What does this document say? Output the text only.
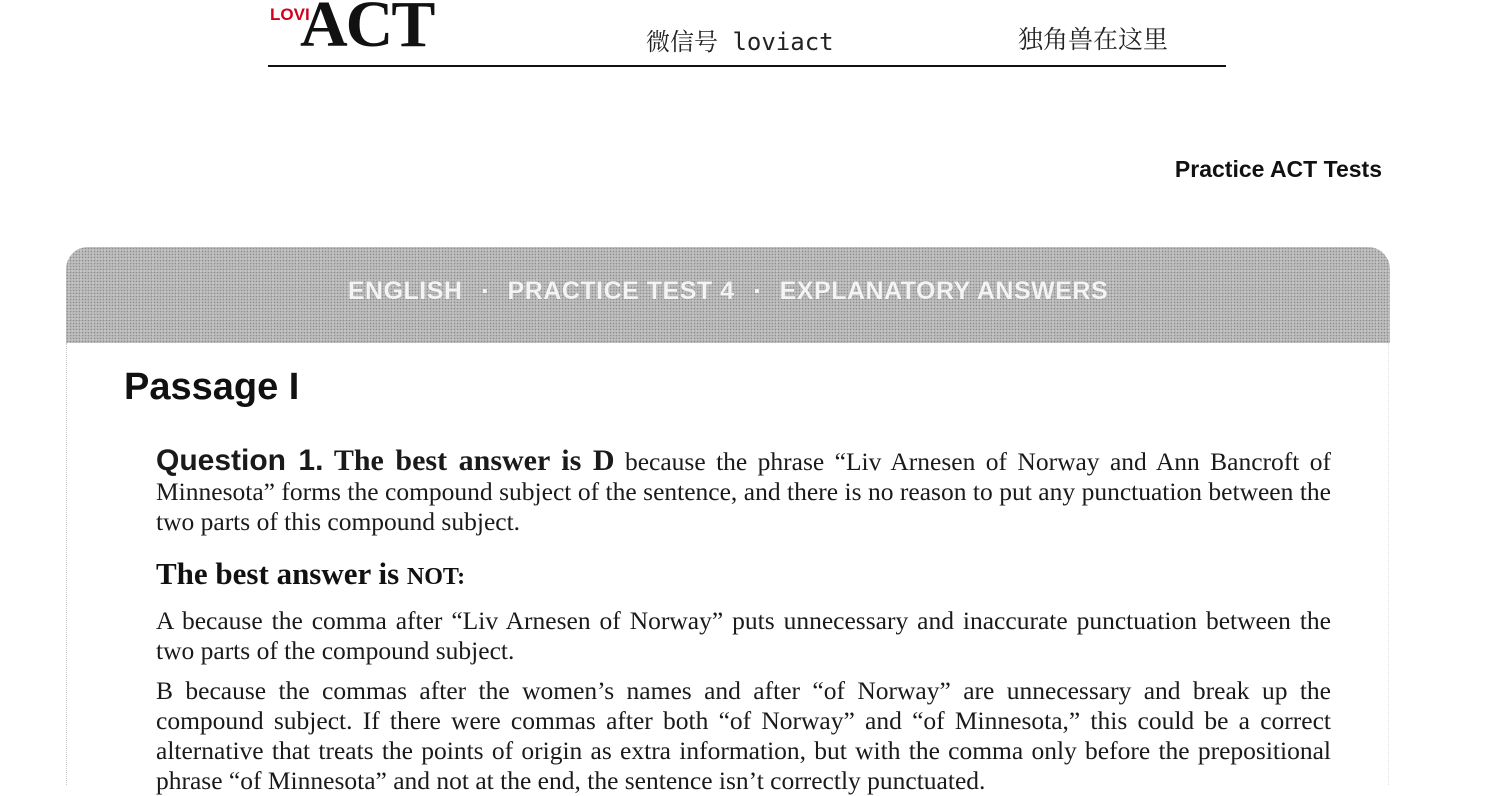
LOVI
ACT	微信号 loviact	独角兽在这里
Practice ACT Tests
ENGLISH ▪ PRACTICE TEST 4 ▪ EXPLANATORY ANSWERS
Passage I
Question 1. The best answer is D because the phrase “Liv Arnesen of Norway and Ann Bancroft of Minnesota” forms the compound subject of the sentence, and there is no reason to put any punctuation between the two parts of this compound subject.
The best answer is NOT:
A because the comma after “Liv Arnesen of Norway” puts unnecessary and inaccurate punctuation between the two parts of the compound subject.
B because the commas after the women’s names and after “of Norway” are unnecessary and break up the compound subject. If there were commas after both “of Norway” and “of Minnesota,” this could be a correct alternative that treats the points of origin as extra information, but with the comma only before the prepositional phrase “of Minnesota” and not at the end, the sentence isn’t correctly punctuated.
